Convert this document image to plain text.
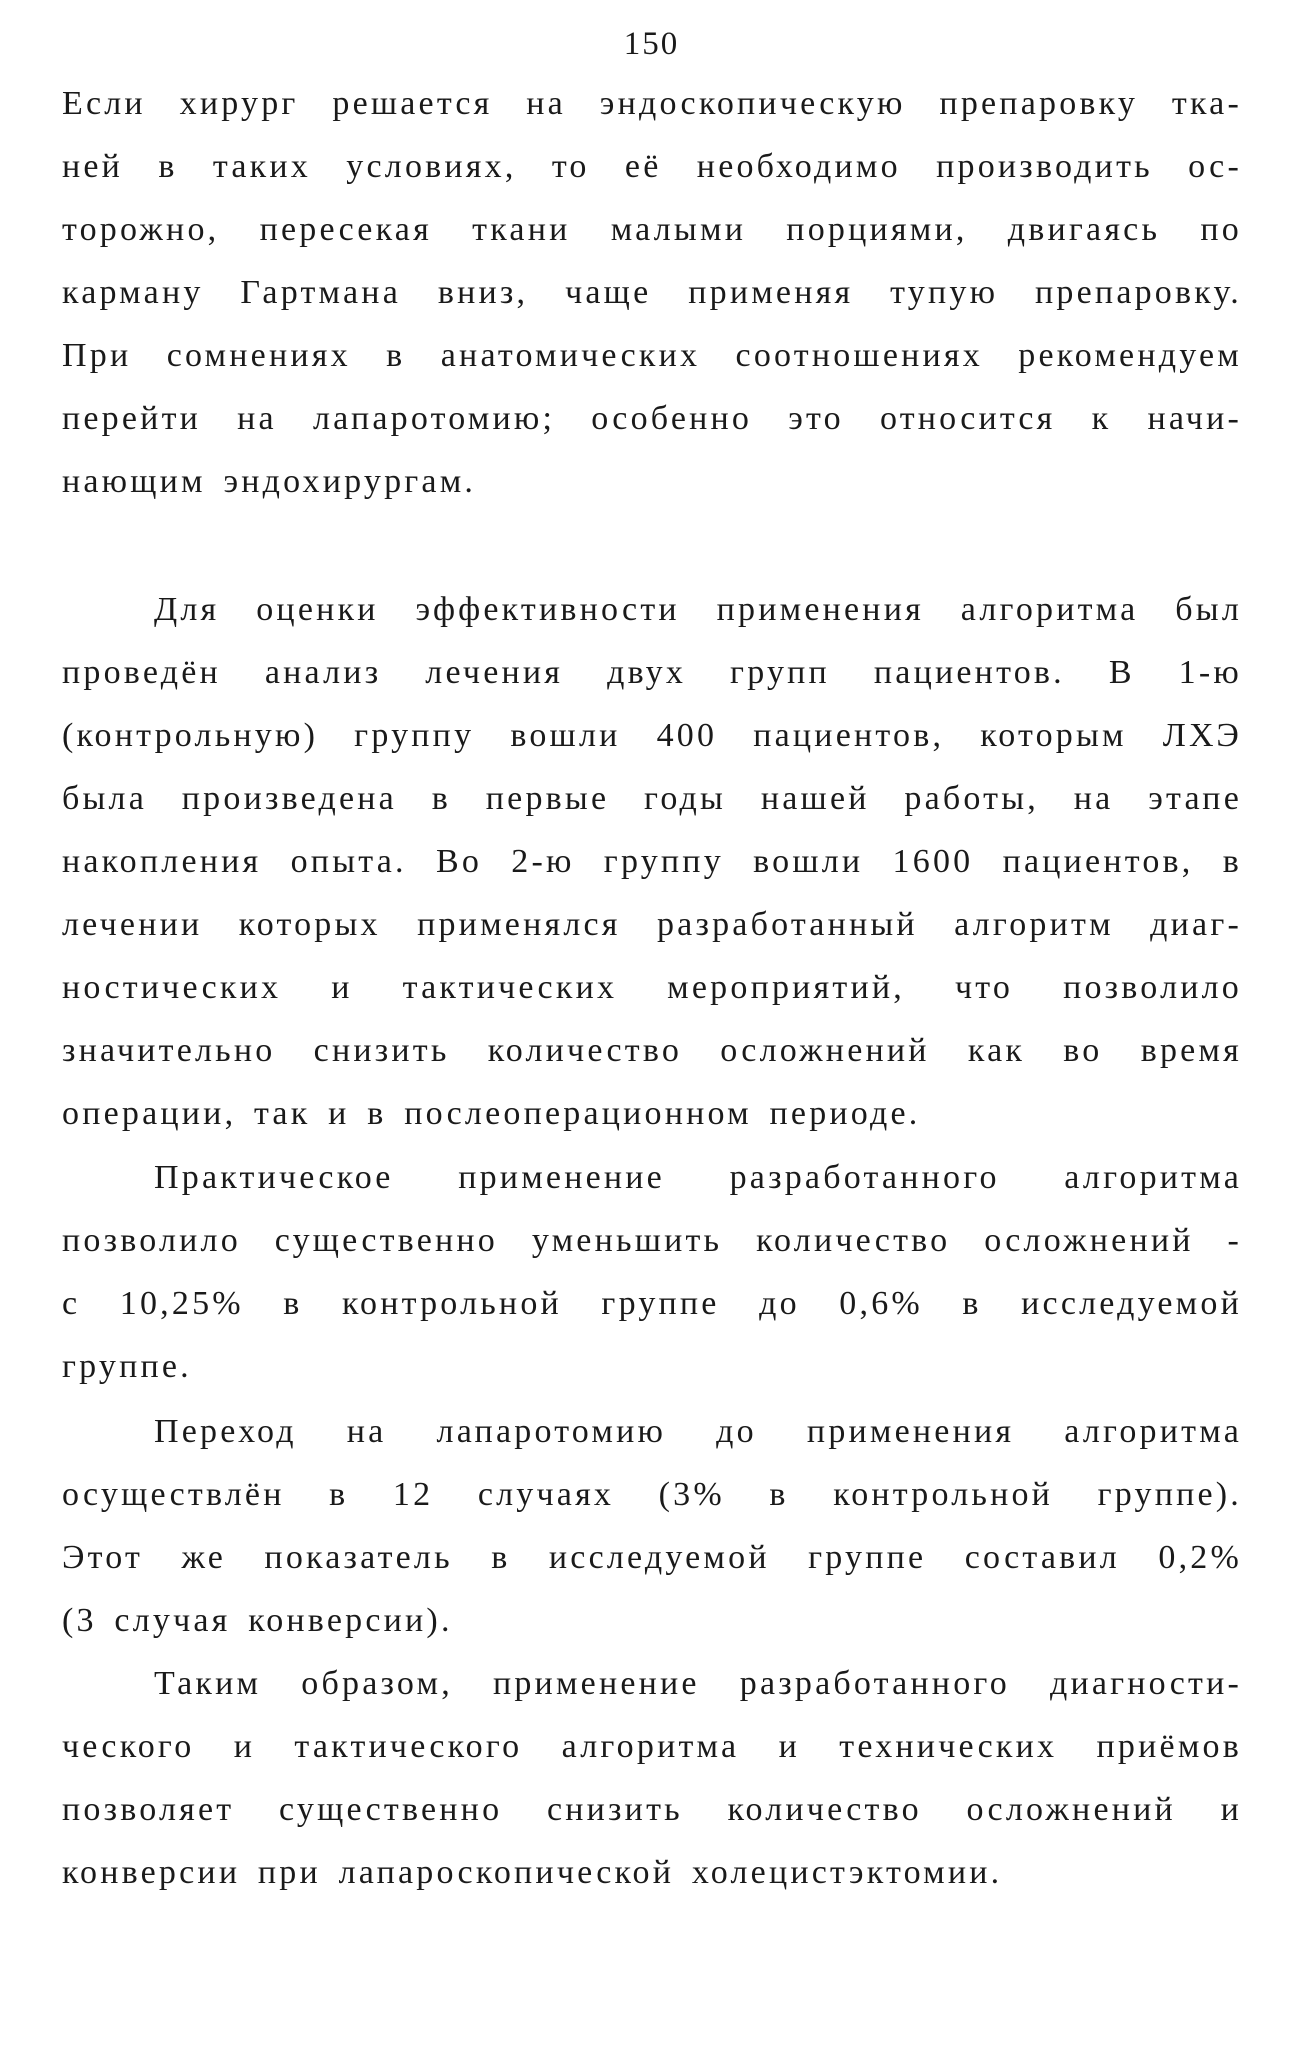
150
Если хирург решается на эндоскопическую препаровку тка-
ней в таких условиях, то её необходимо производить ос-
торожно, пересекая ткани малыми порциями, двигаясь по
карману Гартмана вниз, чаще применяя тупую препаровку.
При сомнениях в анатомических соотношениях рекомендуем
перейти на лапаротомию; особенно это относится к начи-
нающим эндохирургам.
Для оценки эффективности применения алгоритма был
проведён анализ лечения двух групп пациентов. В 1-ю
(контрольную) группу вошли 400 пациентов, которым ЛХЭ
была произведена в первые годы нашей работы, на этапе
накопления опыта. Во 2-ю группу вошли 1600 пациентов, в
лечении которых применялся разработанный алгоритм диаг-
ностических и тактических мероприятий, что позволило
значительно снизить количество осложнений как во время
операции, так и в послеоперационном периоде.
Практическое применение разработанного алгоритма
позволило существенно уменьшить количество осложнений -
с 10,25% в контрольной группе до 0,6% в исследуемой
группе.
Переход на лапаротомию до применения алгоритма
осуществлён в 12 случаях (3% в контрольной группе).
Этот же показатель в исследуемой группе составил 0,2%
(3 случая конверсии).
Таким образом, применение разработанного диагности-
ческого и тактического алгоритма и технических приёмов
позволяет существенно снизить количество осложнений и
конверсии при лапароскопической холецистэктомии.
